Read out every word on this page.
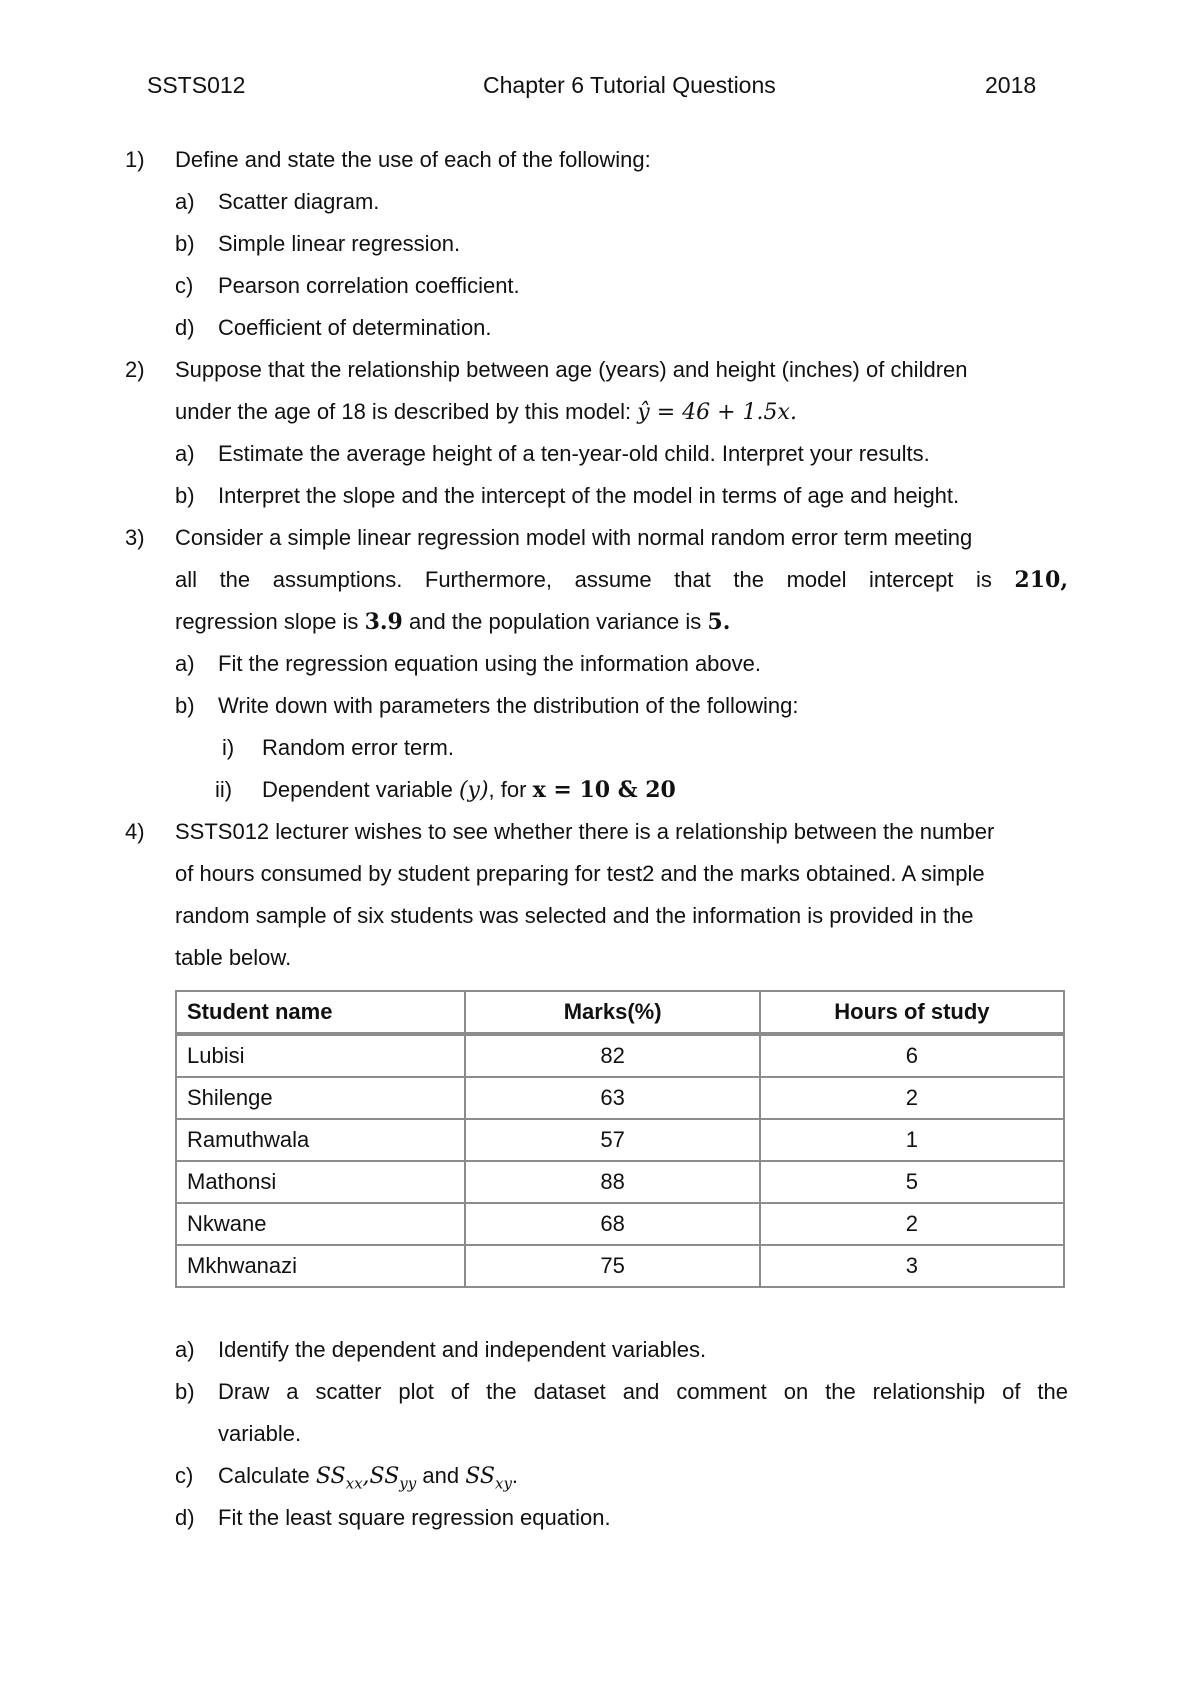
SSTS012	Chapter 6 Tutorial Questions	2018
1) Define and state the use of each of the following:
a) Scatter diagram.
b) Simple linear regression.
c) Pearson correlation coefficient.
d) Coefficient of determination.
2) Suppose that the relationship between age (years) and height (inches) of children
under the age of 18 is described by this model: ŷ = 46 + 1.5x.
a) Estimate the average height of a ten-year-old child. Interpret your results.
b) Interpret the slope and the intercept of the model in terms of age and height.
3) Consider a simple linear regression model with normal random error term meeting
all the assumptions. Furthermore, assume that the model intercept is 210,
regression slope is 3.9 and the population variance is 5.
a) Fit the regression equation using the information above.
b) Write down with parameters the distribution of the following:
i) Random error term.
ii) Dependent variable (y), for x = 10 & 20
4) SSTS012 lecturer wishes to see whether there is a relationship between the number
of hours consumed by student preparing for test2 and the marks obtained. A simple
random sample of six students was selected and the information is provided in the
table below.
Student name	Marks(%)	Hours of study
Lubisi	82	6
Shilenge	63	2
Ramuthwala	57	1
Mathonsi	88	5
Nkwane	68	2
Mkhwanazi	75	3
a) Identify the dependent and independent variables.
b) Draw a scatter plot of the dataset and comment on the relationship of the
variable.
c) Calculate $SS_{xx},SS_{yy}$ and $SS_{xy}$.
d) Fit the least square regression equation.
